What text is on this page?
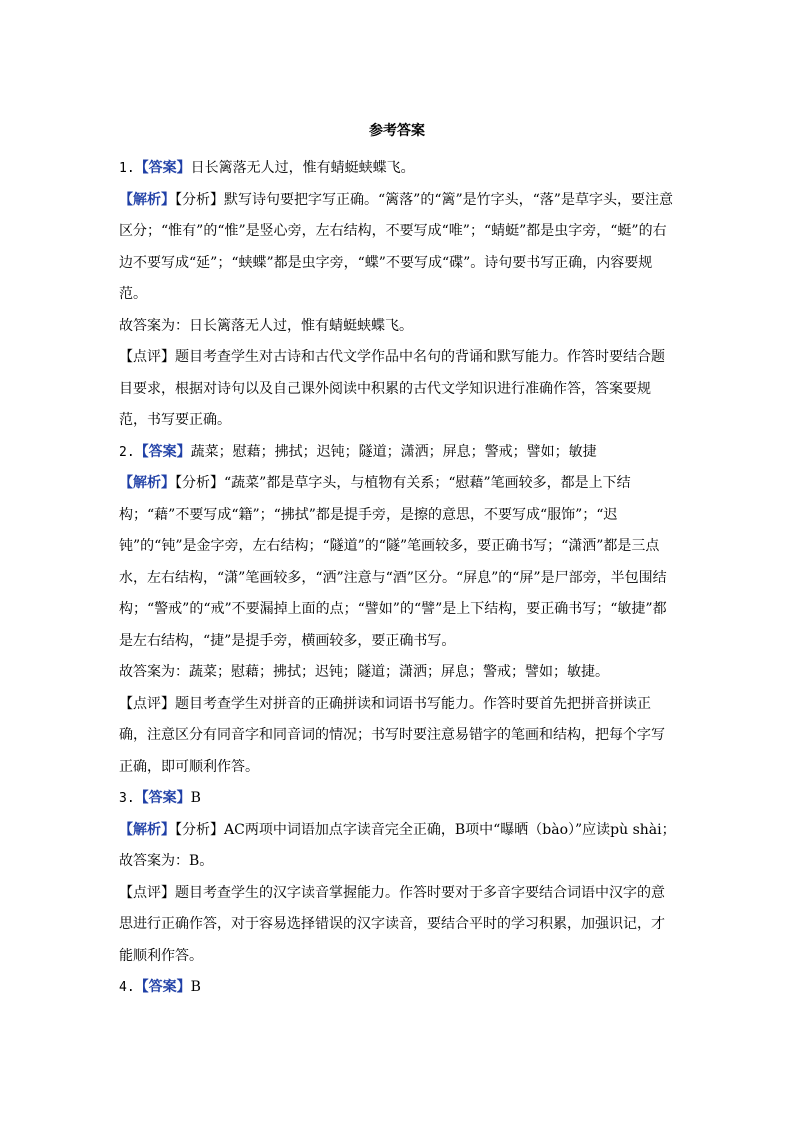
参考答案

1.【答案】日长篱落无人过，惟有蜻蜓蛱蝶飞。

【解析】【分析】默写诗句要把字写正确。“篱落”的“篱”是竹字头，“落”是草字头，要注意区分；“惟有”的“惟”是竖心旁，左右结构，不要写成“唯”；“蜻蜓”都是虫字旁，“蜓”的右边不要写成“延”；“蛱蝶”都是虫字旁，“蝶”不要写成“碟”。诗句要书写正确，内容要规范。

故答案为：日长篱落无人过，惟有蜻蜓蛱蝶飞。

【点评】题目考查学生对古诗和古代文学作品中名句的背诵和默写能力。作答时要结合题目要求，根据对诗句以及自己课外阅读中积累的古代文学知识进行准确作答，答案要规范，书写要正确。

2.【答案】蔬菜；慰藉；拂拭；迟钝；隧道；潇洒；屏息；警戒；譬如；敏捷

【解析】【分析】“蔬菜”都是草字头，与植物有关系；“慰藉”笔画较多，都是上下结构；“藉”不要写成“籍”；“拂拭”都是提手旁，是擦的意思，不要写成“服饰”；“迟钝”的“钝”是金字旁，左右结构；“隧道”的“隧”笔画较多，要正确书写；“潇洒”都是三点水，左右结构，“潇”笔画较多，“洒”注意与“酒”区分。“屏息”的“屏”是尸部旁，半包围结构；“警戒”的“戒”不要漏掉上面的点；“譬如”的“譬”是上下结构，要正确书写；“敏捷”都是左右结构，“捷”是提手旁，横画较多，要正确书写。

故答案为：蔬菜；慰藉；拂拭；迟钝；隧道；潇洒；屏息；警戒；譬如；敏捷。

【点评】题目考查学生对拼音的正确拼读和词语书写能力。作答时要首先把拼音拼读正确，注意区分有同音字和同音词的情况；书写时要注意易错字的笔画和结构，把每个字写正确，即可顺利作答。

3.【答案】B

【解析】【分析】AC两项中词语加点字读音完全正确，B项中“曝晒（bào）”应读pù shài；

故答案为：B。

【点评】题目考查学生的汉字读音掌握能力。作答时要对于多音字要结合词语中汉字的意思进行正确作答，对于容易选择错误的汉字读音，要结合平时的学习积累，加强识记，才能顺利作答。

4.【答案】B
